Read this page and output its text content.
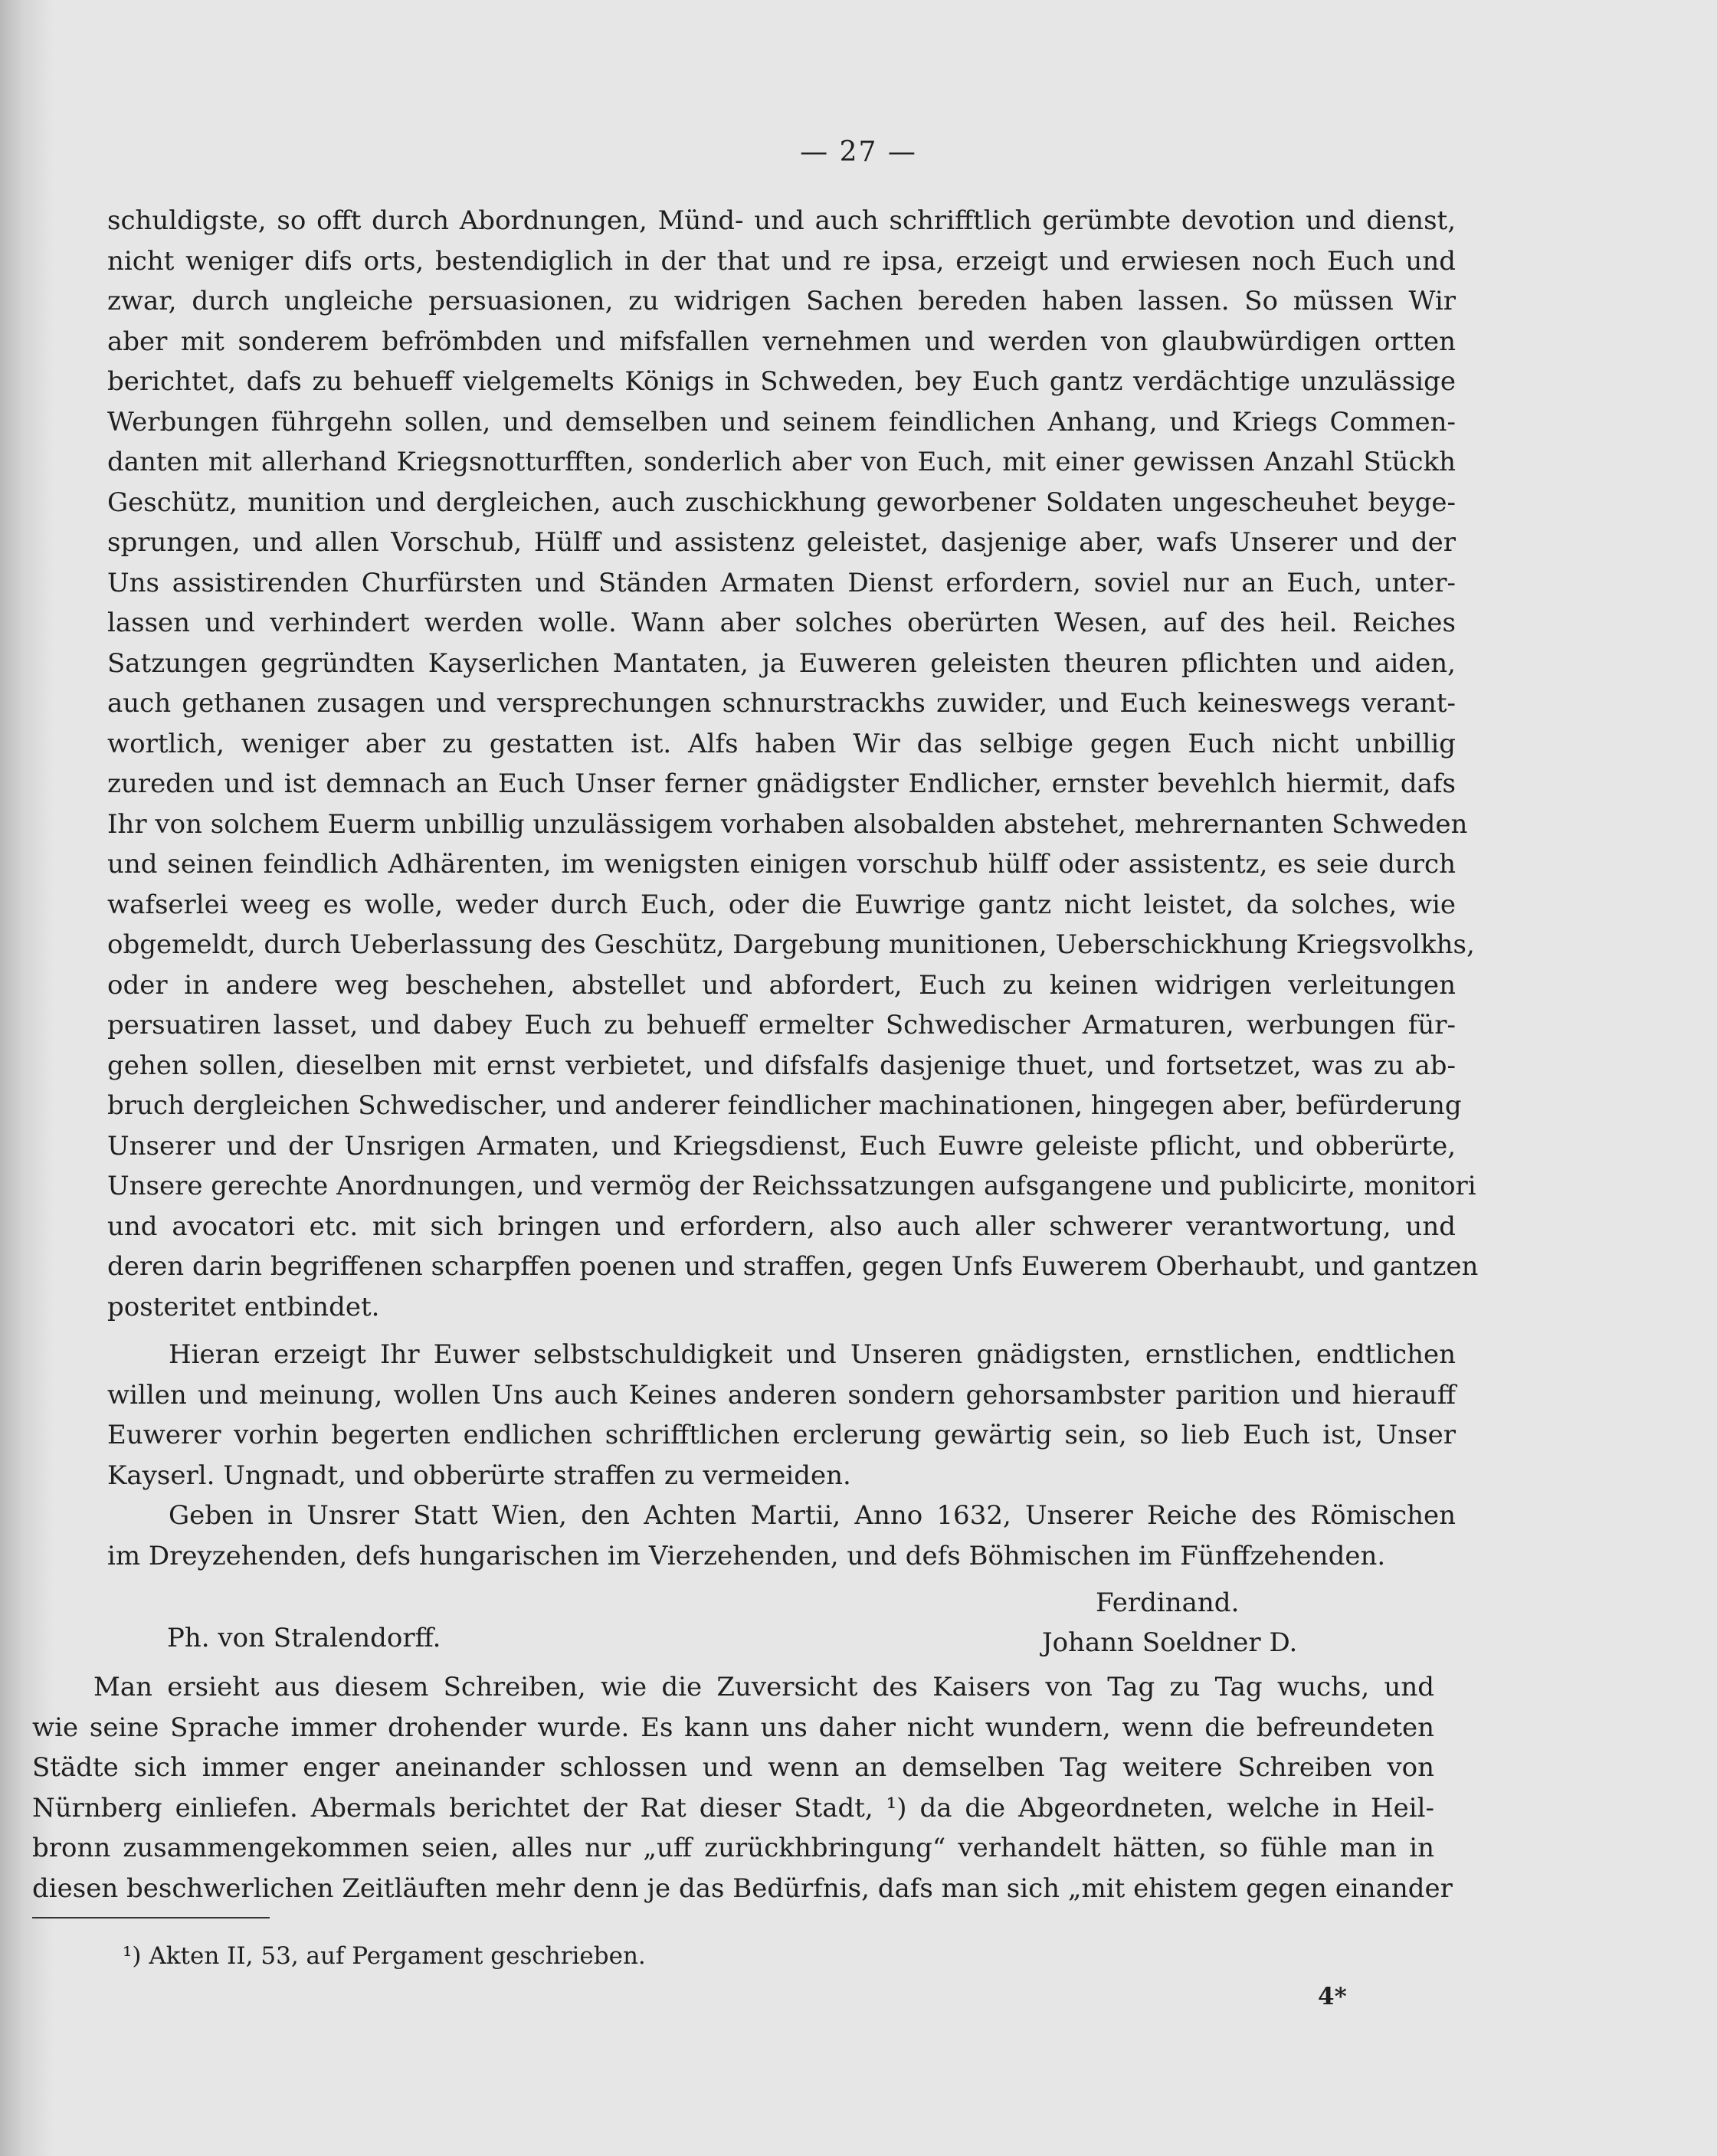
— 27 —
schuldigste, so offt durch Abordnungen, Münd- und auch schrifftlich gerümbte devotion und dienst,
nicht weniger difs orts, bestendiglich in der that und re ipsa, erzeigt und erwiesen noch Euch und
zwar, durch ungleiche persuasionen, zu widrigen Sachen bereden haben lassen. So müssen Wir
aber mit sonderem befrömbden und mifsfallen vernehmen und werden von glaubwürdigen ortten
berichtet, dafs zu behueff vielgemelts Königs in Schweden, bey Euch gantz verdächtige unzulässige
Werbungen führgehn sollen, und demselben und seinem feindlichen Anhang, und Kriegs Commen-
danten mit allerhand Kriegsnotturfften, sonderlich aber von Euch, mit einer gewissen Anzahl Stückh
Geschütz, munition und dergleichen, auch zuschickhung geworbener Soldaten ungescheuhet beyge-
sprungen, und allen Vorschub, Hülff und assistenz geleistet, dasjenige aber, wafs Unserer und der
Uns assistirenden Churfürsten und Ständen Armaten Dienst erfordern, soviel nur an Euch, unter-
lassen und verhindert werden wolle. Wann aber solches oberürten Wesen, auf des heil. Reiches
Satzungen gegründten Kayserlichen Mantaten, ja Euweren geleisten theuren pflichten und aiden,
auch gethanen zusagen und versprechungen schnurstrackhs zuwider, und Euch keineswegs verant-
wortlich, weniger aber zu gestatten ist. Alfs haben Wir das selbige gegen Euch nicht unbillig
zureden und ist demnach an Euch Unser ferner gnädigster Endlicher, ernster bevehlch hiermit, dafs
Ihr von solchem Euerm unbillig unzulässigem vorhaben alsobalden abstehet, mehrernanten Schweden
und seinen feindlich Adhärenten, im wenigsten einigen vorschub hülff oder assistentz, es seie durch
wafserlei weeg es wolle, weder durch Euch, oder die Euwrige gantz nicht leistet, da solches, wie
obgemeldt, durch Ueberlassung des Geschütz, Dargebung munitionen, Ueberschickhung Kriegsvolkhs,
oder in andere weg beschehen, abstellet und abfordert, Euch zu keinen widrigen verleitungen
persuatiren lasset, und dabey Euch zu behueff ermelter Schwedischer Armaturen, werbungen für-
gehen sollen, dieselben mit ernst verbietet, und difsfalfs dasjenige thuet, und fortsetzet, was zu ab-
bruch dergleichen Schwedischer, und anderer feindlicher machinationen, hingegen aber, befürderung
Unserer und der Unsrigen Armaten, und Kriegsdienst, Euch Euwre geleiste pflicht, und obberürte,
Unsere gerechte Anordnungen, und vermög der Reichssatzungen aufsgangene und publicirte, monitori
und avocatori etc. mit sich bringen und erfordern, also auch aller schwerer verantwortung, und
deren darin begriffenen scharpffen poenen und straffen, gegen Unfs Euwerem Oberhaubt, und gantzen
posteritet entbindet.
Hieran erzeigt Ihr Euwer selbstschuldigkeit und Unseren gnädigsten, ernstlichen, endtlichen
willen und meinung, wollen Uns auch Keines anderen sondern gehorsambster parition und hierauff
Euwerer vorhin begerten endlichen schrifftlichen erclerung gewärtig sein, so lieb Euch ist, Unser
Kayserl. Ungnadt, und obberürte straffen zu vermeiden.
Geben in Unsrer Statt Wien, den Achten Martii, Anno 1632, Unserer Reiche des Römischen
im Dreyzehenden, defs hungarischen im Vierzehenden, und defs Böhmischen im Fünffzehenden.
Ferdinand.
Ph. von Stralendorff.	Johann Soeldner D.
Man ersieht aus diesem Schreiben, wie die Zuversicht des Kaisers von Tag zu Tag wuchs, und
wie seine Sprache immer drohender wurde. Es kann uns daher nicht wundern, wenn die befreundeten
Städte sich immer enger aneinander schlossen und wenn an demselben Tag weitere Schreiben von
Nürnberg einliefen. Abermals berichtet der Rat dieser Stadt, ¹) da die Abgeordneten, welche in Heil-
bronn zusammengekommen seien, alles nur „uff zurückhbringung“ verhandelt hätten, so fühle man in
diesen beschwerlichen Zeitläuften mehr denn je das Bedürfnis, dafs man sich „mit ehistem gegen einander
¹) Akten II, 53, auf Pergament geschrieben.
4*
